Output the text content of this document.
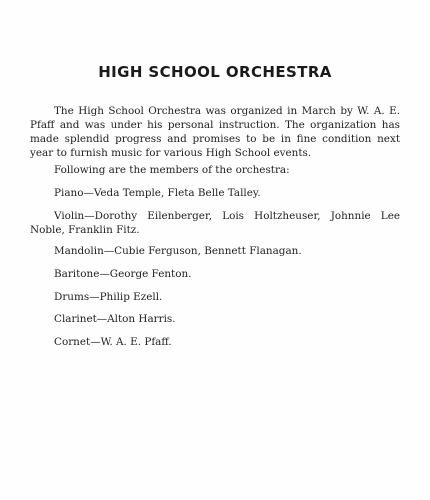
HIGH SCHOOL ORCHESTRA

The High School Orchestra was organized in March by W. A. E. Pfaff and was under his personal instruction. The organization has made splendid progress and promises to be in fine condition next year to furnish music for various High School events.

Following are the members of the orchestra:

Piano—Veda Temple, Fleta Belle Talley.

Violin—Dorothy Eilenberger, Lois Holtzheuser, Johnnie Lee Noble, Franklin Fitz.

Mandolin—Cubie Ferguson, Bennett Flanagan.

Baritone—George Fenton.

Drums—Philip Ezell.

Clarinet—Alton Harris.

Cornet—W. A. E. Pfaff.
